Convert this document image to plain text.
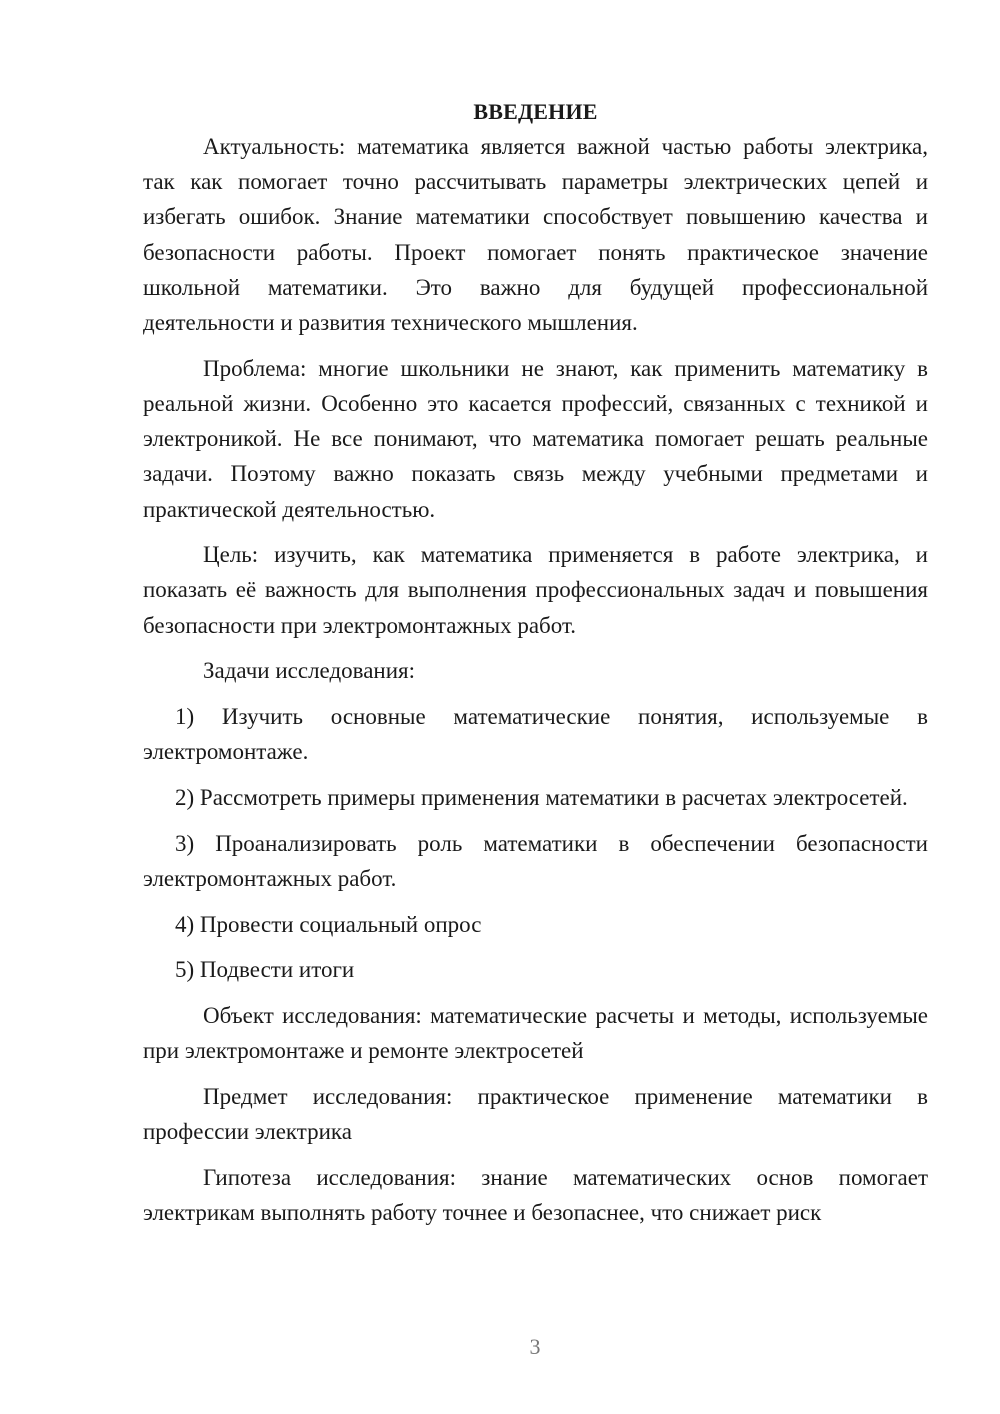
ВВЕДЕНИЕ

Актуальность: математика является важной частью работы электрика, так как помогает точно рассчитывать параметры электрических цепей и избегать ошибок. Знание математики способствует повышению качества и безопасности работы. Проект помогает понять практическое значение школьной математики. Это важно для будущей профессиональной деятельности и развития технического мышления.

Проблема: многие школьники не знают, как применить математику в реальной жизни. Особенно это касается профессий, связанных с техникой и электроникой. Не все понимают, что математика помогает решать реальные задачи. Поэтому важно показать связь между учебными предметами и практической деятельностью.

Цель: изучить, как математика применяется в работе электрика, и показать её важность для выполнения профессиональных задач и повышения безопасности при электромонтажных работ.

Задачи исследования:

1) Изучить основные математические понятия, используемые в электромонтаже.

2) Рассмотреть примеры применения математики в расчетах электросетей.

3) Проанализировать роль математики в обеспечении безопасности электромонтажных работ.

4) Провести социальный опрос

5) Подвести итоги

Объект исследования: математические расчеты и методы, используемые при электромонтаже и ремонте электросетей

Предмет исследования: практическое применение математики в профессии электрика

Гипотеза исследования: знание математических основ помогает электрикам выполнять работу точнее и безопаснее, что снижает риск

3
